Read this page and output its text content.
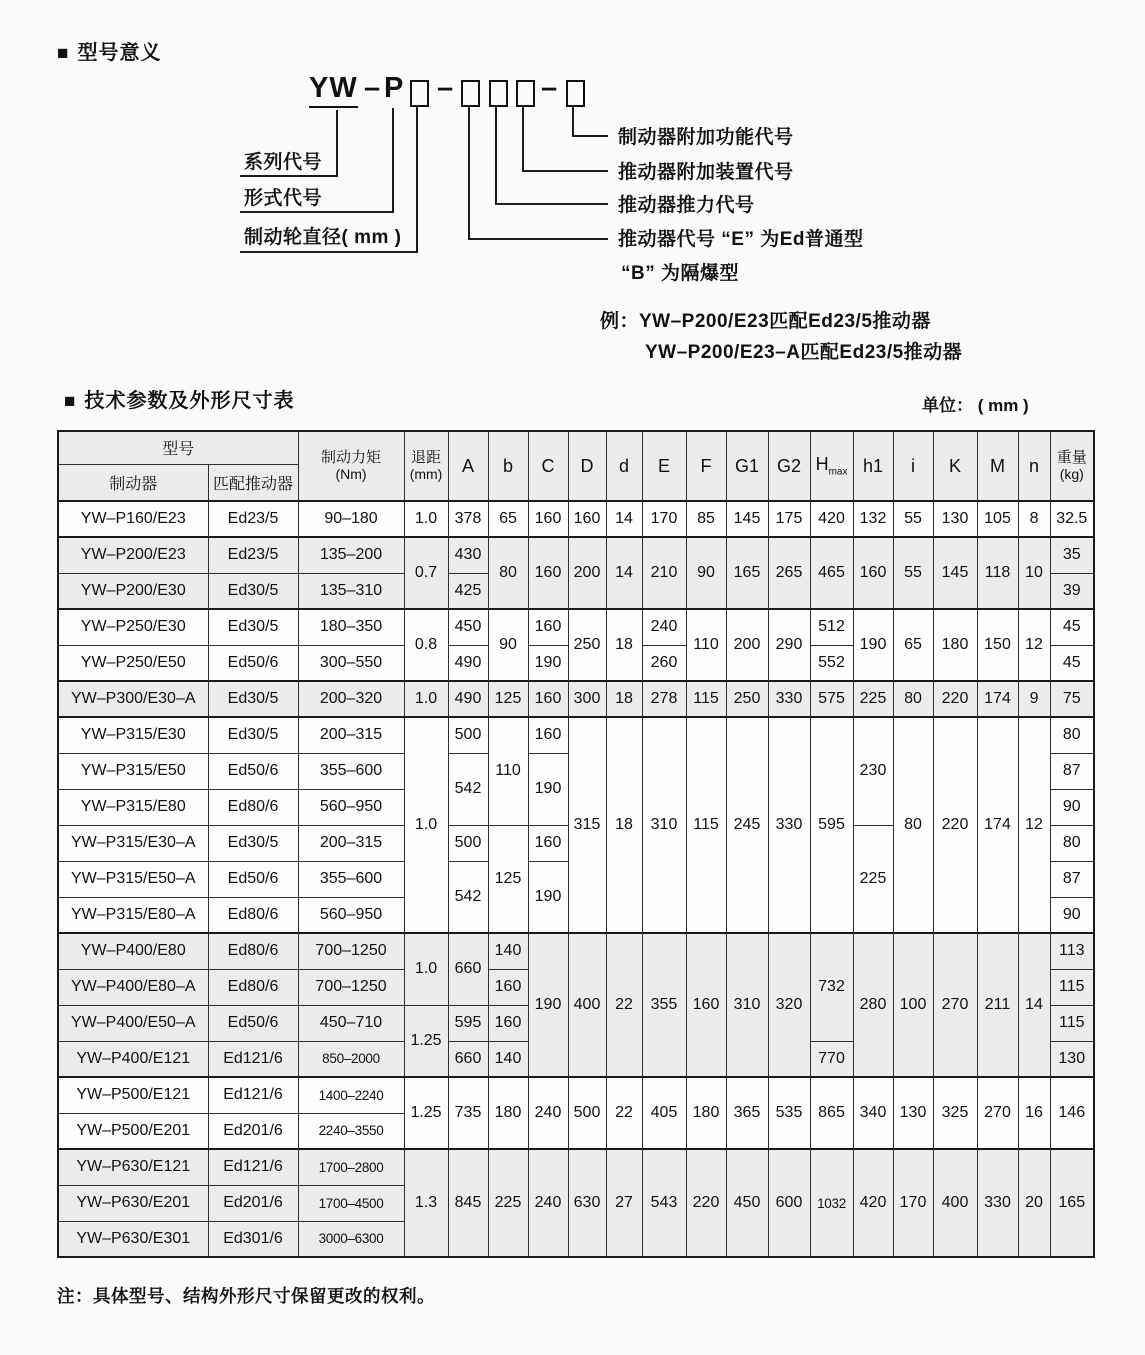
■ 型号意义
YW – P –	–
系列代号
形式代号
制动轮直径( mm )
制动器附加功能代号
推动器附加装置代号
推动器推力代号
推动器代号 “E” 为Ed普通型
“B” 为隔爆型
例：YW–P200/E23匹配Ed23/5推动器
YW–P200/E23–A匹配Ed23/5推动器
■ 技术参数及外形尺寸表	单位： ( mm )
型号		制动力矩
(Nm)	退距
(mm)	A	b	C	D	d	E	F	G1	G2	$H_{max}$	h1	i	K	M	n	重量
(kg)

制动器	匹配推动器																		
YW–P160/E23	Ed23/5	90–180	1.0	378	65	160	160	14	170	85	145	175	420	132	55	130	105	8	32.5
YW–P200/E23	Ed23/5	135–200	0.7	430	80	160	200	14	210	90	165	265	465	160	55	145	118	10	35
YW–P200/E30	Ed30/5	135–310		425															39
YW–P250/E30	Ed30/5	180–350	0.8	450	90	160	250	18	240	110	200	290	512	190	65	180	150	12	45
YW–P250/E50	Ed50/6	300–550		490		190			260				552						45
YW–P300/E30–A	Ed30/5	200–320	1.0	490	125	160	300	18	278	115	250	330	575	225	80	220	174	9	75
YW–P315/E30	Ed30/5	200–315	1.0	500	110	160	315	18	310	115	245	330	595	230	80	220	174	12	80
YW–P315/E50	Ed50/6	355–600		542		190													87
YW–P315/E80	Ed80/6	560–950																	90
YW–P315/E30–A	Ed30/5	200–315		500	125	160								225					80
YW–P315/E50–A	Ed50/6	355–600		542		190													87
YW–P315/E80–A	Ed80/6	560–950																	90
YW–P400/E80	Ed80/6	700–1250	1.0	660	140	190	400	22	355	160	310	320	732	280	100	270	211	14	113
YW–P400/E80–A	Ed80/6	700–1250			160														115
YW–P400/E50–A	Ed50/6	450–710	1.25	595	160														115
YW–P400/E121	Ed121/6	850–2000		660	140								770						130
YW–P500/E121	Ed121/6	1400–2240	1.25	735	180	240	500	22	405	180	365	535	865	340	130	325	270	16	146
YW–P500/E201	Ed201/6	2240–3550																	
YW–P630/E121	Ed121/6	1700–2800	1.3	845	225	240	630	27	543	220	450	600	1032	420	170	400	330	20	165
YW–P630/E201	Ed201/6	1700–4500																	
YW–P630/E301	Ed301/6	3000–6300																	
注：具体型号、结构外形尺寸保留更改的权利。
